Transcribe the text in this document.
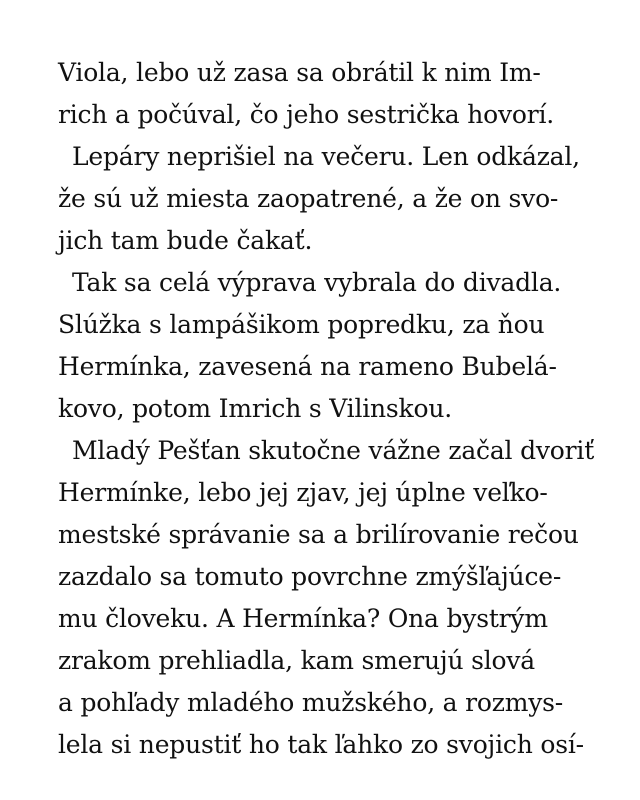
Viola, lebo už zasa sa obrátil k nim Im-
rich a počúval, čo jeho sestrička hovorí.
Lepáry neprišiel na večeru. Len odkázal,
že sú už miesta zaopatrené, a že on svo-
jich tam bude čakať.
Tak sa celá výprava vybrala do divadla.
Slúžka s lampášikom popredku, za ňou
Hermínka, zavesená na rameno Bubelá-
kovo, potom Imrich s Vilinskou.
Mladý Pešťan skutočne vážne začal dvoriť
Hermínke, lebo jej zjav, jej úplne veľko-
mestské správanie sa a brilírovanie rečou
zazdalo sa tomuto povrchne zmýšľajúce-
mu človeku. A Hermínka? Ona bystrým
zrakom prehliadla, kam smerujú slová
a pohľady mladého mužského, a rozmys-
lela si nepustiť ho tak ľahko zo svojich osí-
